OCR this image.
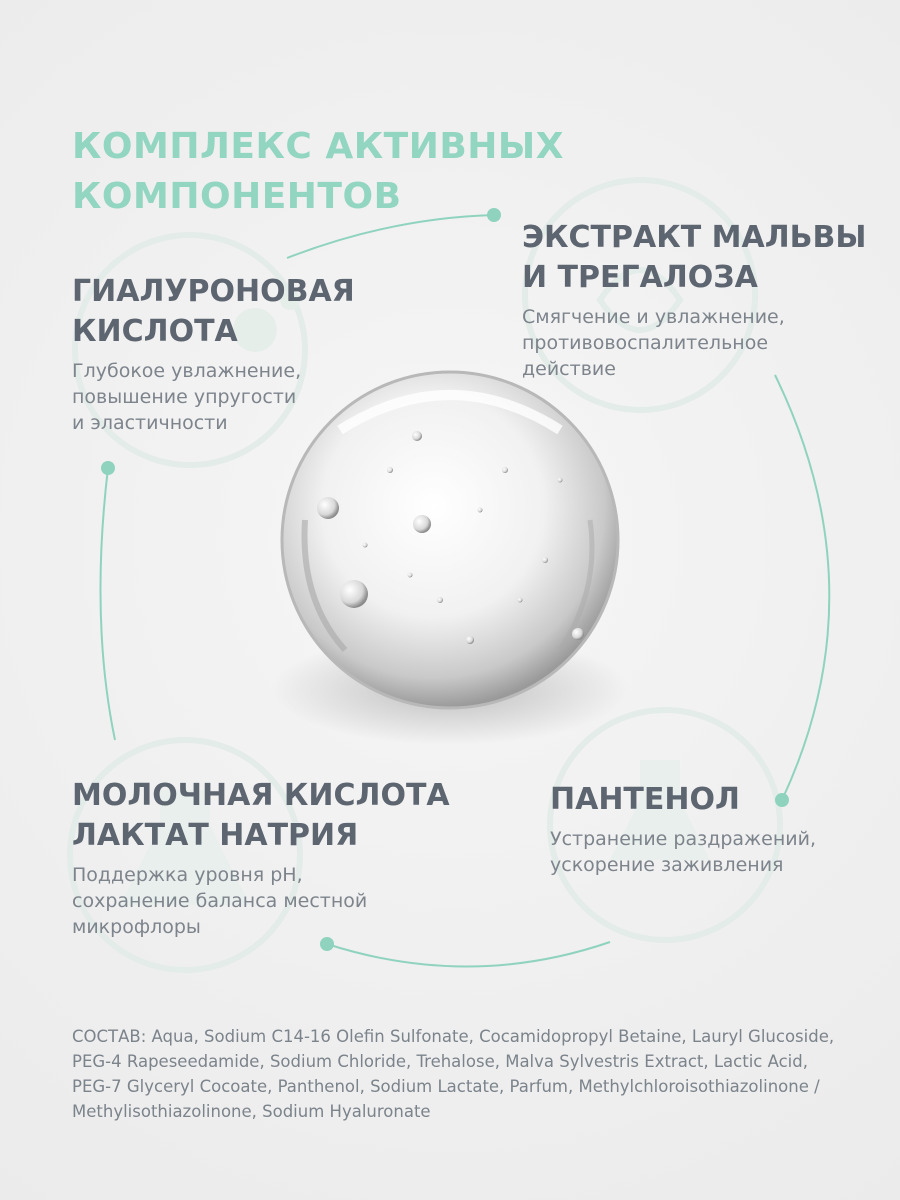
КОМПЛЕКС АКТИВНЫХ
КОМПОНЕНТОВ
ГИАЛУРОНОВАЯ
КИСЛОТА

Глубокое увлажнение,
повышение упругости
и эластичности

ЭКСТРАКТ МАЛЬВЫ
И ТРЕГАЛОЗА

Смягчение и увлажнение,
противовоспалительное
действие

МОЛОЧНАЯ КИСЛОТА
ЛАКТАТ НАТРИЯ

Поддержка уровня pH,
сохранение баланса местной
микрофлоры

ПАНТЕНОЛ

Устранение раздражений,
ускорение заживления

СОСТАВ: Aqua, Sodium C14-16 Olefin Sulfonate, Cocamidopropyl Betaine, Lauryl Glucoside, PEG-4 Rapeseedamide, Sodium Chloride, Trehalose, Malva Sylvestris Extract, Lactic Acid, PEG-7 Glyceryl Cocoate, Panthenol, Sodium Lactate, Parfum, Methylchloroisothiazolinone / Methylisothiazolinone, Sodium Hyaluronate
